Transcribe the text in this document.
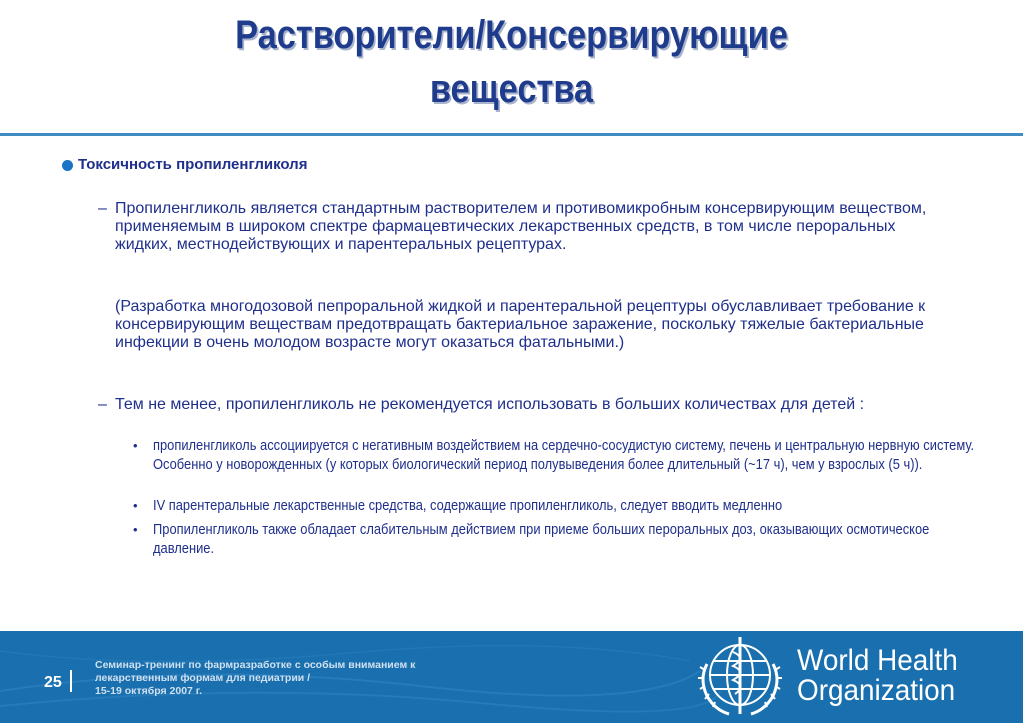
Растворители/Консервирующие
вещества
Токсичность пропиленгликоля
– Пропиленгликоль является стандартным растворителем и противомикробным консервирующим веществом, применяемым в широком спектре фармацевтических лекарственных средств, в том числе пероральных жидких, местнодействующих и парентеральных рецептурах.
(Разработка многодозовой пепроральной жидкой и парентеральной рецептуры обуславливает требование к консервирующим веществам предотвращать бактериальное заражение, поскольку тяжелые бактериальные инфекции в очень молодом возрасте могут оказаться фатальными.)
– Тем не менее, пропиленгликоль не рекомендуется использовать в больших количествах для детей :
• пропиленгликоль ассоциируется с негативным воздействием на сердечно-сосудистую систему, печень и центральную нервную систему. Особенно у новорожденных (у которых биологический период полувыведения более длительный (~17 ч), чем у взрослых (5 ч)).
• IV парентеральные лекарственные средства, содержащие пропиленгликоль, следует вводить медленно
• Пропиленгликоль также обладает слабительным действием при приеме больших пероральных доз, оказывающих осмотическое давление.
25
Семинар-тренинг по фармразработке с особым вниманием к
лекарственным формам для педиатрии /
15-19 октября 2007 г.
World Health
Organization
